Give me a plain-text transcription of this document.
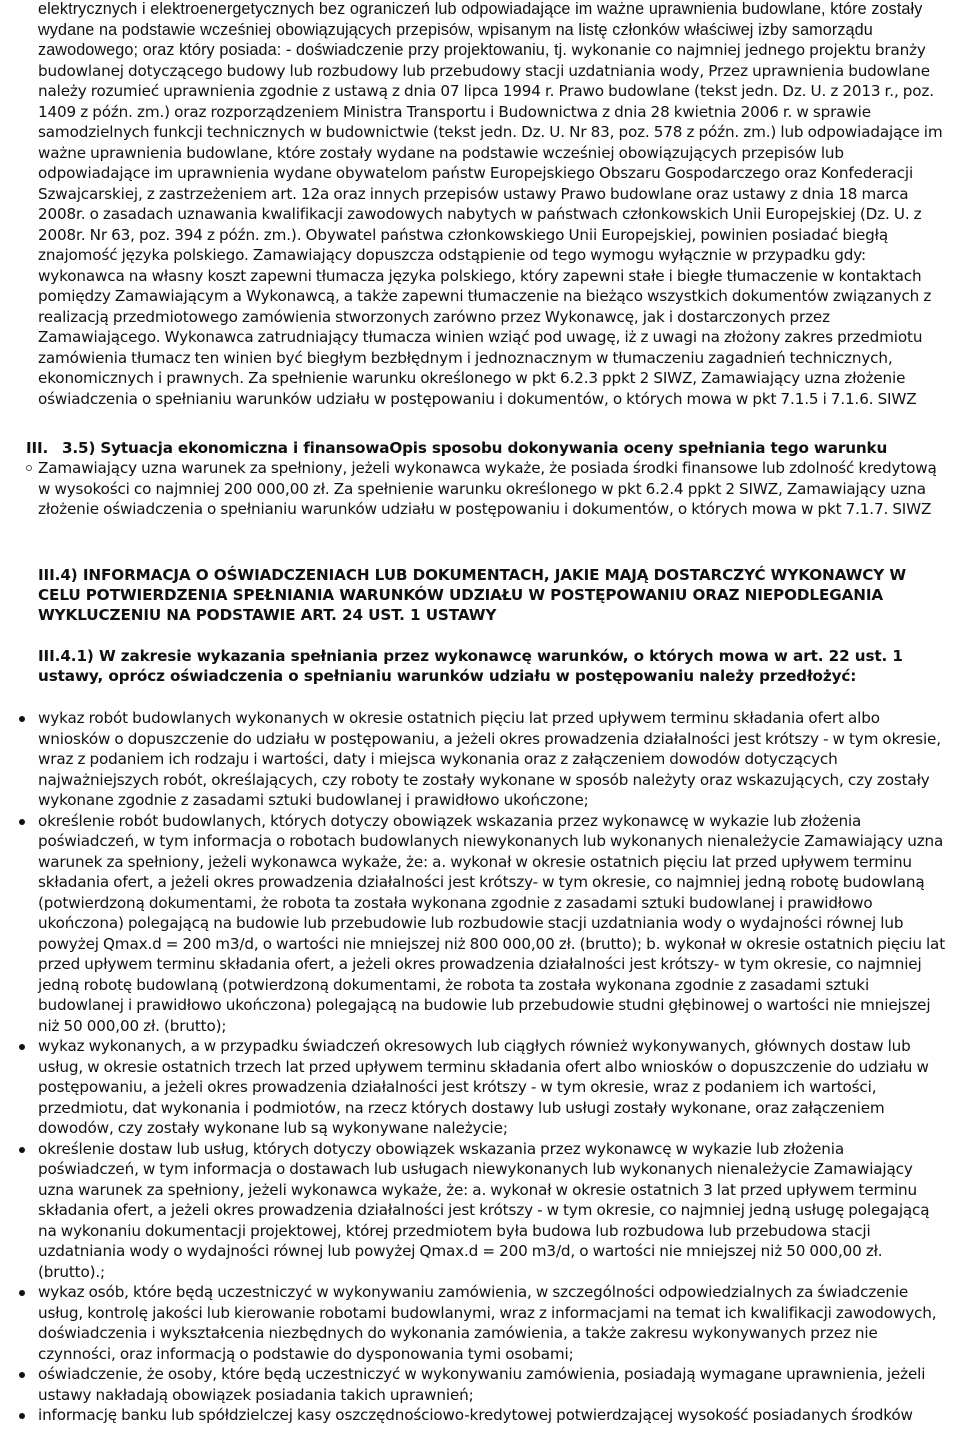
elektrycznych i elektroenergetycznych bez ograniczeń lub odpowiadające im ważne uprawnienia budowlane, które zostały wydane na podstawie wcześniej obowiązujących przepisów, wpisanym na listę członków właściwej izby samorządu zawodowego; oraz który posiada: - doświadczenie przy projektowaniu, tj. wykonanie co najmniej jednego projektu branży budowlanej dotyczącego budowy lub rozbudowy lub przebudowy stacji uzdatniania wody, Przez uprawnienia budowlane należy rozumieć uprawnienia zgodnie z ustawą z dnia 07 lipca 1994 r. Prawo budowlane (tekst jedn. Dz. U. z 2013 r., poz. 1409 z późn. zm.) oraz rozporządzeniem Ministra Transportu i Budownictwa z dnia 28 kwietnia 2006 r. w sprawie samodzielnych funkcji technicznych w budownictwie (tekst jedn. Dz. U. Nr 83, poz. 578 z późn. zm.) lub odpowiadające im ważne uprawnienia budowlane, które zostały wydane na podstawie wcześniej obowiązujących przepisów lub odpowiadające im uprawnienia wydane obywatelom państw Europejskiego Obszaru Gospodarczego oraz Konfederacji Szwajcarskiej, z zastrzeżeniem art. 12a oraz innych przepisów ustawy Prawo budowlane oraz ustawy z dnia 18 marca 2008r. o zasadach uznawania kwalifikacji zawodowych nabytych w państwach członkowskich Unii Europejskiej (Dz. U. z 2008r. Nr 63, poz. 394 z późn. zm.). Obywatel państwa członkowskiego Unii Europejskiej, powinien posiadać biegłą znajomość języka polskiego. Zamawiający dopuszcza odstąpienie od tego wymogu wyłącznie w przypadku gdy: wykonawca na własny koszt zapewni tłumacza języka polskiego, który zapewni stałe i biegłe tłumaczenie w kontaktach pomiędzy Zamawiającym a Wykonawcą, a także zapewni tłumaczenie na bieżąco wszystkich dokumentów związanych z realizacją przedmiotowego zamówienia stworzonych zarówno przez Wykonawcę, jak i dostarczonych przez Zamawiającego. Wykonawca zatrudniający tłumacza winien wziąć pod uwagę, iż z uwagi na złożony zakres przedmiotu zamówienia tłumacz ten winien być biegłym bezbłędnym i jednoznacznym w tłumaczeniu zagadnień technicznych, ekonomicznych i prawnych. Za spełnienie warunku określonego w pkt 6.2.3 ppkt 2 SIWZ, Zamawiający uzna złożenie oświadczenia o spełnianiu warunków udziału w postępowaniu i dokumentów, o których mowa w pkt 7.1.5 i 7.1.6. SIWZ

III. 3.5) Sytuacja ekonomiczna i finansowaOpis sposobu dokonywania oceny spełniania tego warunku

Zamawiający uzna warunek za spełniony, jeżeli wykonawca wykaże, że posiada środki finansowe lub zdolność kredytową w wysokości co najmniej 200 000,00 zł. Za spełnienie warunku określonego w pkt 6.2.4 ppkt 2 SIWZ, Zamawiający uzna złożenie oświadczenia o spełnianiu warunków udziału w postępowaniu i dokumentów, o których mowa w pkt 7.1.7. SIWZ

III.4) INFORMACJA O OŚWIADCZENIACH LUB DOKUMENTACH, JAKIE MAJĄ DOSTARCZYĆ WYKONAWCY W CELU POTWIERDZENIA SPEŁNIANIA WARUNKÓW UDZIAŁU W POSTĘPOWANIU ORAZ NIEPODLEGANIA WYKLUCZENIU NA PODSTAWIE ART. 24 UST. 1 USTAWY

III.4.1) W zakresie wykazania spełniania przez wykonawcę warunków, o których mowa w art. 22 ust. 1 ustawy, oprócz oświadczenia o spełnianiu warunków udziału w postępowaniu należy przedłożyć:

wykaz robót budowlanych wykonanych w okresie ostatnich pięciu lat przed upływem terminu składania ofert albo wniosków o dopuszczenie do udziału w postępowaniu, a jeżeli okres prowadzenia działalności jest krótszy - w tym okresie, wraz z podaniem ich rodzaju i wartości, daty i miejsca wykonania oraz z załączeniem dowodów dotyczących najważniejszych robót, określających, czy roboty te zostały wykonane w sposób należyty oraz wskazujących, czy zostały wykonane zgodnie z zasadami sztuki budowlanej i prawidłowo ukończone;
określenie robót budowlanych, których dotyczy obowiązek wskazania przez wykonawcę w wykazie lub złożenia poświadczeń, w tym informacja o robotach budowlanych niewykonanych lub wykonanych nienależycie Zamawiający uzna warunek za spełniony, jeżeli wykonawca wykaże, że: a. wykonał w okresie ostatnich pięciu lat przed upływem terminu składania ofert, a jeżeli okres prowadzenia działalności jest krótszy- w tym okresie, co najmniej jedną robotę budowlaną (potwierdzoną dokumentami, że robota ta została wykonana zgodnie z zasadami sztuki budowlanej i prawidłowo ukończona) polegającą na budowie lub przebudowie lub rozbudowie stacji uzdatniania wody o wydajności równej lub powyżej Qmax.d = 200 m3/d, o wartości nie mniejszej niż 800 000,00 zł. (brutto); b. wykonał w okresie ostatnich pięciu lat przed upływem terminu składania ofert, a jeżeli okres prowadzenia działalności jest krótszy- w tym okresie, co najmniej jedną robotę budowlaną (potwierdzoną dokumentami, że robota ta została wykonana zgodnie z zasadami sztuki budowlanej i prawidłowo ukończona) polegającą na budowie lub przebudowie studni głębinowej o wartości nie mniejszej niż 50 000,00 zł. (brutto);
wykaz wykonanych, a w przypadku świadczeń okresowych lub ciągłych również wykonywanych, głównych dostaw lub usług, w okresie ostatnich trzech lat przed upływem terminu składania ofert albo wniosków o dopuszczenie do udziału w postępowaniu, a jeżeli okres prowadzenia działalności jest krótszy - w tym okresie, wraz z podaniem ich wartości, przedmiotu, dat wykonania i podmiotów, na rzecz których dostawy lub usługi zostały wykonane, oraz załączeniem dowodów, czy zostały wykonane lub są wykonywane należycie;
określenie dostaw lub usług, których dotyczy obowiązek wskazania przez wykonawcę w wykazie lub złożenia poświadczeń, w tym informacja o dostawach lub usługach niewykonanych lub wykonanych nienależycie Zamawiający uzna warunek za spełniony, jeżeli wykonawca wykaże, że: a. wykonał w okresie ostatnich 3 lat przed upływem terminu składania ofert, a jeżeli okres prowadzenia działalności jest krótszy - w tym okresie, co najmniej jedną usługę polegającą na wykonaniu dokumentacji projektowej, której przedmiotem była budowa lub rozbudowa lub przebudowa stacji uzdatniania wody o wydajności równej lub powyżej Qmax.d = 200 m3/d, o wartości nie mniejszej niż 50 000,00 zł. (brutto).;
wykaz osób, które będą uczestniczyć w wykonywaniu zamówienia, w szczególności odpowiedzialnych za świadczenie usług, kontrolę jakości lub kierowanie robotami budowlanymi, wraz z informacjami na temat ich kwalifikacji zawodowych, doświadczenia i wykształcenia niezbędnych do wykonania zamówienia, a także zakresu wykonywanych przez nie czynności, oraz informacją o podstawie do dysponowania tymi osobami;
oświadczenie, że osoby, które będą uczestniczyć w wykonywaniu zamówienia, posiadają wymagane uprawnienia, jeżeli ustawy nakładają obowiązek posiadania takich uprawnień;
informację banku lub spółdzielczej kasy oszczędnościowo-kredytowej potwierdzającej wysokość posiadanych środków
